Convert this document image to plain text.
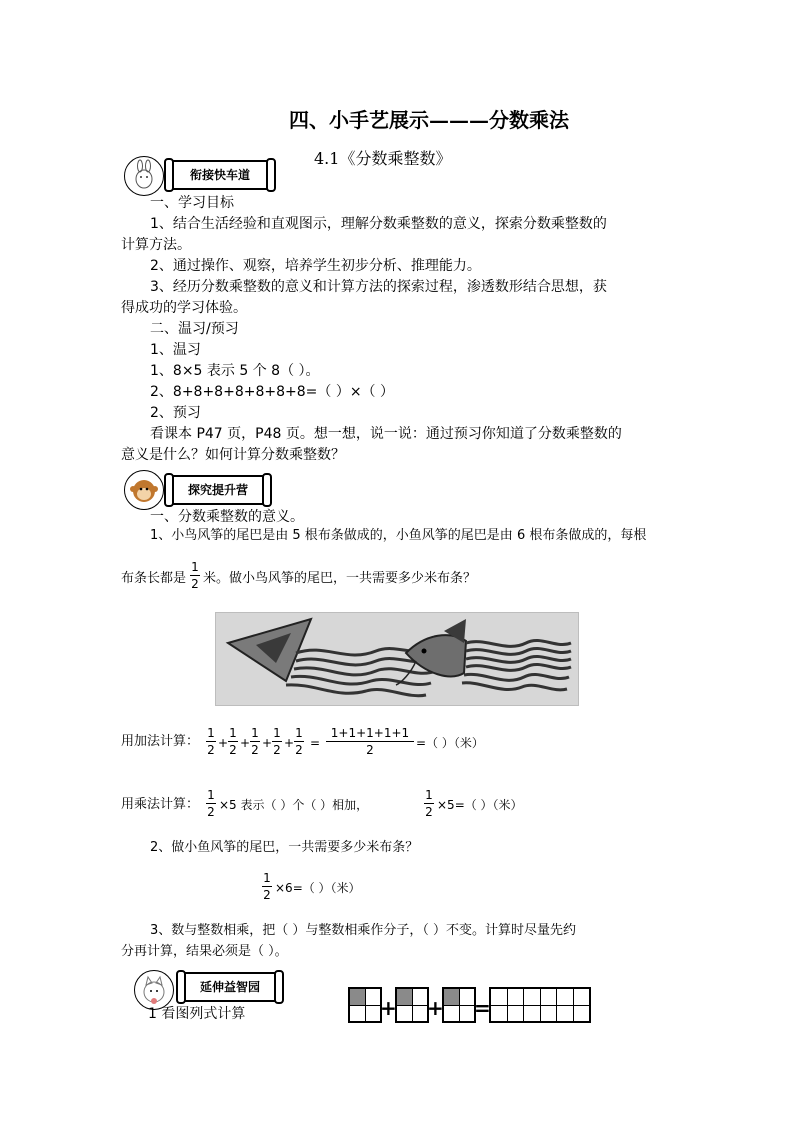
四、小手艺展示———分数乘法
4.1《分数乘整数》
衔接快车道
一、学习目标
1、结合生活经验和直观图示，理解分数乘整数的意义，探索分数乘整数的
计算方法。
2、通过操作、观察，培养学生初步分析、推理能力。
3、经历分数乘整数的意义和计算方法的探索过程，渗透数形结合思想，获
得成功的学习体验。
二、温习/预习
1、温习
1、8×5 表示 5 个 8（ ）。
2、8+8+8+8+8+8+8=（ ）×（ ）
2、预习
看课本 P47 页，P48 页。想一想，说一说：通过预习你知道了分数乘整数的
意义是什么？如何计算分数乘整数？
探究提升营
一、分数乘整数的意义。
1、小鸟风筝的尾巴是由 5 根布条做成的，小鱼风筝的尾巴是由 6 根布条做成的，每根
布条长都是
1
2 米。做小鸟风筝的尾巴，一共需要多少米布条？
用加法计算：
1
2 +
1
2 +
1
2 +
1
2 +
1
2 =
1+1+1+1+1
2	=（ ）（米）
用乘法计算：
1
2 ×5 表示（ ）个（ ）相加，
1
2 ×5=（ ）（米）
2、做小鱼风筝的尾巴，一共需要多少米布条？
1
2 ×6=（ ）（米）
3、数与整数相乘，把（ ）与整数相乘作分子，（ ）不变。计算时尽量先约
分再计算，结果必须是（ ）。
延伸益智园
1 看图列式计算	+ + =
